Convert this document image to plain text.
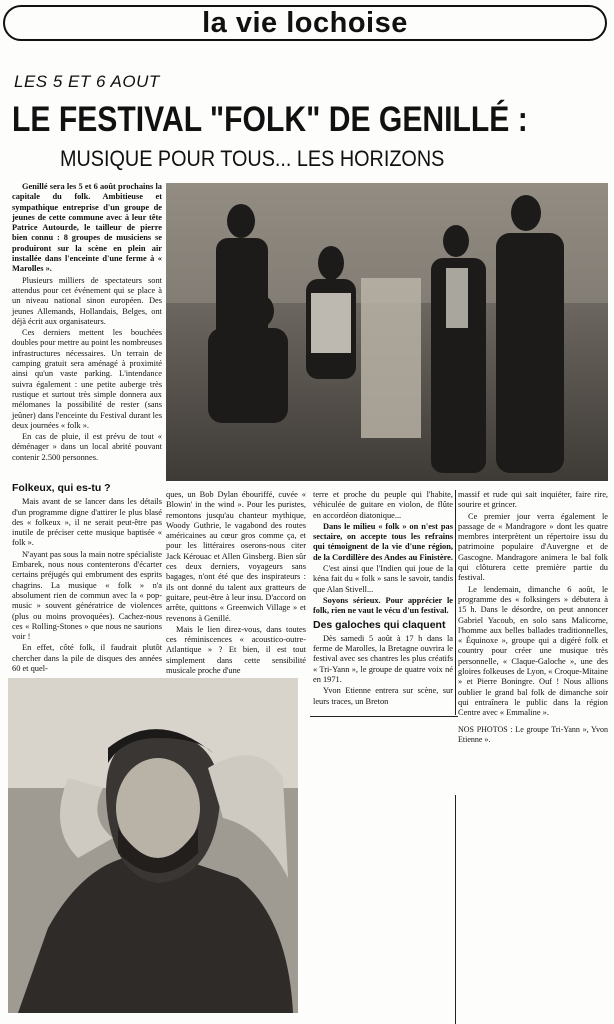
la vie lochoise
LES 5 ET 6 AOUT
LE FESTIVAL "FOLK" DE GENILLÉ :
MUSIQUE POUR TOUS... LES HORIZONS

Genillé sera les 5 et 6 août prochains la capitale du folk. Ambitieuse et sympathique entreprise d'un groupe de jeunes de cette commune avec à leur tête Patrice Autourde, le tailleur de pierre bien connu : 8 groupes de musiciens se produiront sur la scène en plein air installée dans l'enceinte d'une ferme à « Marolles ».

Plusieurs milliers de spectateurs sont attendus pour cet événement qui se place à un niveau national sinon européen. Des jeunes Allemands, Hollandais, Belges, ont déjà écrit aux organisateurs.

Ces derniers mettent les bouchées doubles pour mettre au point les nombreuses infrastructures nécessaires. Un terrain de camping gratuit sera aménagé à proximité ainsi qu'un vaste parking. L'intendance suivra également : une petite auberge très rustique et surtout très simple donnera aux mélomanes la possibilité de rester (sans jeûner) dans l'enceinte du Festival durant les deux journées « folk ».

En cas de pluie, il est prévu de tout « déménager » dans un local abrité pouvant contenir 2.500 personnes.

Folkeux, qui es-tu ?

Mais avant de se lancer dans les détails d'un programme digne d'attirer le plus blasé des « folkeux », il ne serait peut-être pas inutile de préciser cette musique baptisée « folk ».

N'ayant pas sous la main notre spécialiste Embarek, nous nous contenterons d'écarter certains préjugés qui embrument des esprits chagrins. La musique « folk » n'a absolument rien de commun avec la « pop-music » souvent génératrice de violences (plus ou moins provoquées). Cachez-nous ces « Rolling-Stones » que nous ne saurions voir !

En effet, côté folk, il faudrait plutôt chercher dans la pile de disques des années 60 et quel-

ques, un Bob Dylan ébouriffé, cuvée « Blowin' in the wind ». Pour les puristes, remontons jusqu'au chanteur mythique, Woody Guthrie, le vagabond des routes américaines au cœur gros comme ça, et pour les littéraires oserons-nous citer Jack Kérouac et Allen Ginsberg. Bien sûr ces deux derniers, voyageurs sans bagages, n'ont été que des inspirateurs : ils ont donné du talent aux gratteurs de guitare, peut-être à leur insu. D'accord on arrête, quittons « Greenwich Village » et revenons à Genillé.

Mais le lien direz-vous, dans toutes ces réminiscences « acoustico-outre-Atlantique » ? Et bien, il est tout simplement dans cette sensibilité musicale proche d'une

terre et proche du peuple qui l'habite, véhiculée de guitare en violon, de flûte en accordéon diatonique...

Dans le milieu « folk » on n'est pas sectaire, on accepte tous les refrains qui témoignent de la vie d'une région, de la Cordillère des Andes au Finistère.

C'est ainsi que l'Indien qui joue de la kéna fait du « folk » sans le savoir, tandis que Alan Stivell...

Soyons sérieux. Pour apprécier le folk, rien ne vaut le vécu d'un festival.

Des galoches qui claquent

Dès samedi 5 août à 17 h dans la ferme de Marolles, la Bretagne ouvrira le festival avec ses chantres les plus créatifs « Tri-Yann », le groupe de quatre voix né en 1971.

Yvon Etienne entrera sur scène, sur leurs traces, un Breton

massif et rude qui sait inquiéter, faire rire, sourire et grincer.

Ce premier jour verra également le passage de « Mandragore » dont les quatre membres interprètent un répertoire issu du patrimoine populaire d'Auvergne et de Gascogne. Mandragore animera le bal folk qui clôturera cette première partie du festival.

Le lendemain, dimanche 6 août, le programme des « folksingers » débutera à 15 h. Dans le désordre, on peut annoncer Gabriel Yacoub, en solo sans Malicorne, l'homme aux belles ballades traditionnelles, « Équinoxe », groupe qui a digéré folk et country pour créer une musique très personnelle, « Claque-Galoche », une des gloires folkeuses de Lyon, « Croque-Mitaine » et Pierre Boningre. Ouf ! Nous allions oublier le grand bal folk de dimanche soir qui entraînera le public dans la région Centre avec « Emmaline ».

NOS PHOTOS : Le groupe Tri-Yann », Yvon Etienne ».
